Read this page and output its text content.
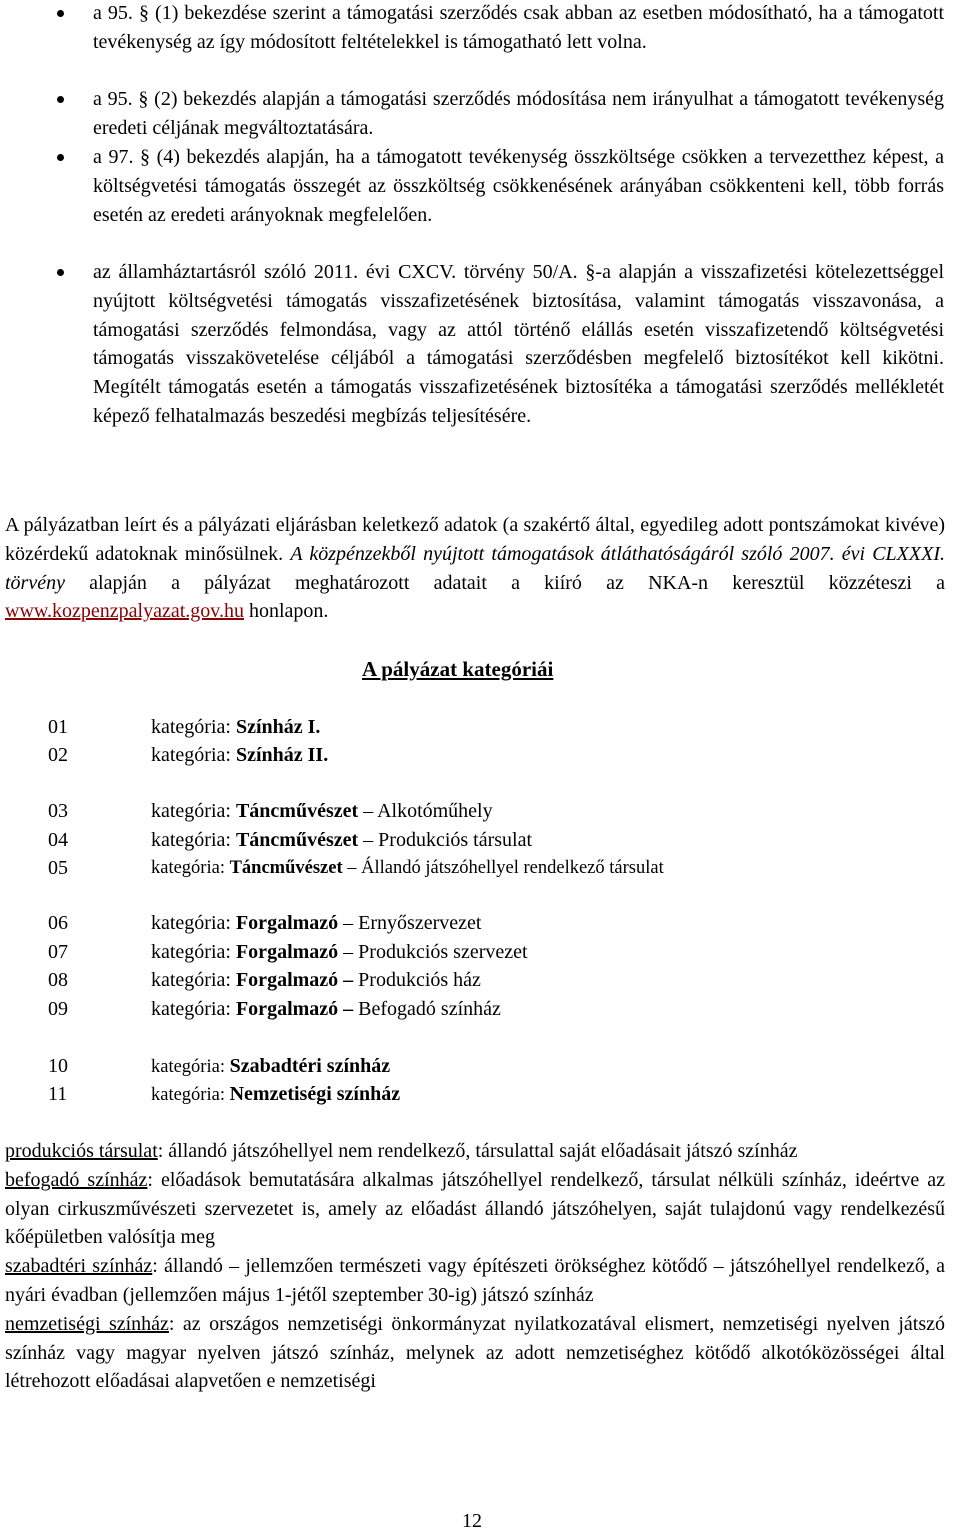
a 95. § (1) bekezdése szerint a támogatási szerződés csak abban az esetben módosítható, ha a támogatott tevékenység az így módosított feltételekkel is támogatható lett volna.
a 95. § (2) bekezdés alapján a támogatási szerződés módosítása nem irányulhat a támogatott tevékenység eredeti céljának megváltoztatására.
a 97. § (4) bekezdés alapján, ha a támogatott tevékenység összköltsége csökken a tervezetthez képest, a költségvetési támogatás összegét az összköltség csökkenésének arányában csökkenteni kell, több forrás esetén az eredeti arányoknak megfelelően.
az államháztartásról szóló 2011. évi CXCV. törvény 50/A. §-a alapján a visszafizetési kötelezettséggel nyújtott költségvetési támogatás visszafizetésének biztosítása, valamint támogatás visszavonása, a támogatási szerződés felmondása, vagy az attól történő elállás esetén visszafizetendő költségvetési támogatás visszakövetelése céljából a támogatási szerződésben megfelelő biztosítékot kell kikötni. Megítélt támogatás esetén a támogatás visszafizetésének biztosítéka a támogatási szerződés mellékletét képező felhatalmazás beszedési megbízás teljesítésére.
A pályázatban leírt és a pályázati eljárásban keletkező adatok (a szakértő által, egyedileg adott pontszámokat kivéve) közérdekű adatoknak minősülnek. A közpénzekből nyújtott támogatások átláthatóságáról szóló 2007. évi CLXXXI. törvény alapján a pályázat meghatározott adatait a kiíró az NKA-n keresztül közzéteszi a www.kozpenzpalyazat.gov.hu honlapon.
A pályázat kategóriái
01	kategória: Színház I.
02	kategória: Színház II.
03	kategória: Táncművészet – Alkotóműhely
04	kategória: Táncművészet – Produkciós társulat
05	kategória: Táncművészet – Állandó játszóhellyel rendelkező társulat
06	kategória: Forgalmazó – Ernyőszervezet
07	kategória: Forgalmazó – Produkciós szervezet
08	kategória: Forgalmazó – Produkciós ház
09	kategória: Forgalmazó – Befogadó színház
10	kategória: Szabadtéri színház
11	kategória: Nemzetiségi színház
produkciós társulat: állandó játszóhellyel nem rendelkező, társulattal saját előadásait játszó színház
befogadó színház: előadások bemutatására alkalmas játszóhellyel rendelkező, társulat nélküli színház, ideértve az olyan cirkuszművészeti szervezetet is, amely az előadást állandó játszóhelyen, saját tulajdonú vagy rendelkezésű kőépületben valósítja meg
szabadtéri színház: állandó – jellemzően természeti vagy építészeti örökséghez kötődő – játszóhellyel rendelkező, a nyári évadban (jellemzően május 1-jétől szeptember 30-ig) játszó színház
nemzetiségi színház: az országos nemzetiségi önkormányzat nyilatkozatával elismert, nemzetiségi nyelven játszó színház vagy magyar nyelven játszó színház, melynek az adott nemzetiséghez kötődő alkotóközösségei által létrehozott előadásai alapvetően e nemzetiségi
12
